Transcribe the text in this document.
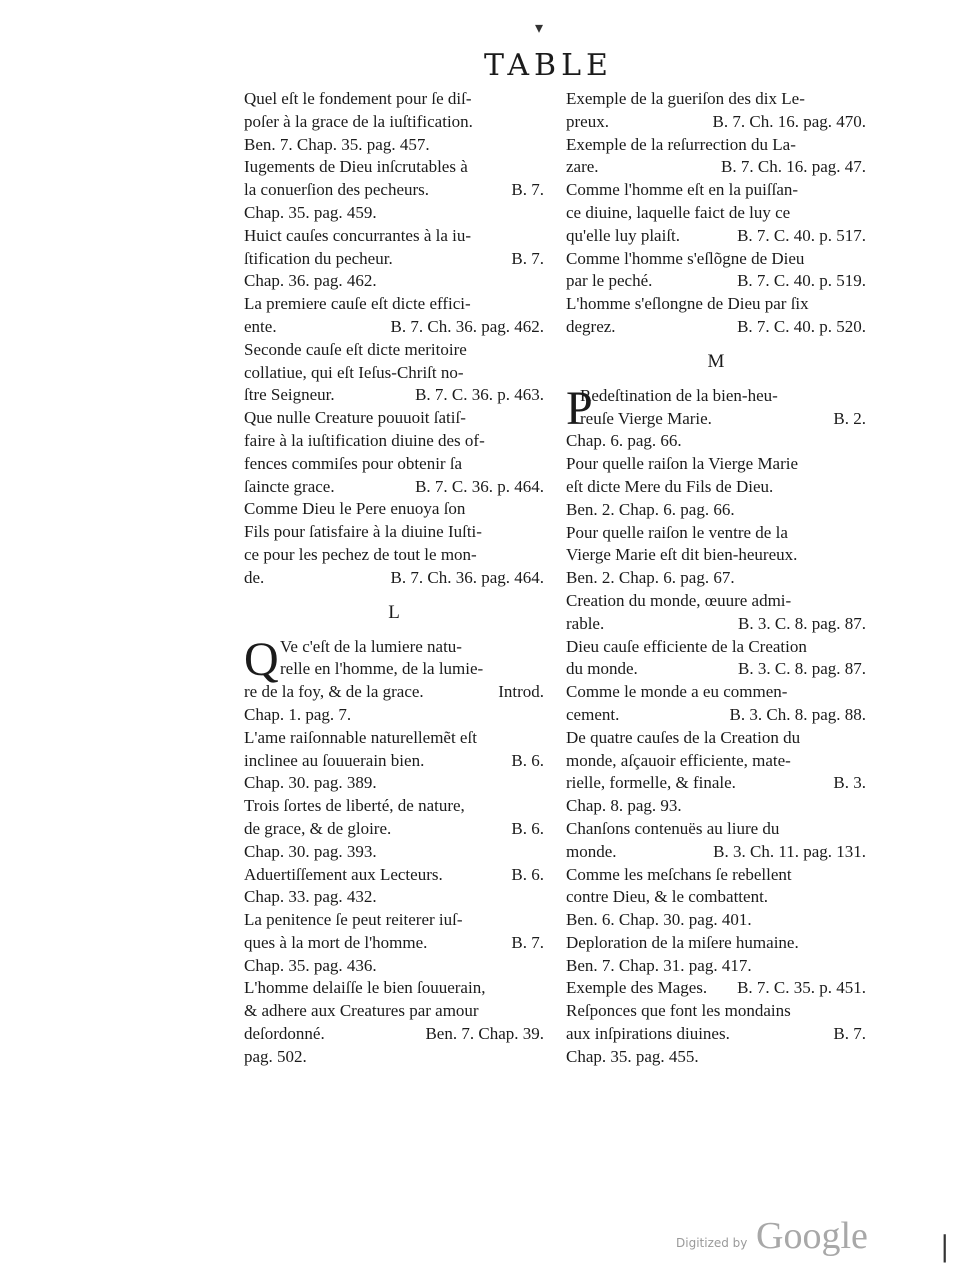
TABLE
▾
Quel eſt le fondement pour ſe diſ-
poſer à la grace de la iuſtification.
Ben. 7. Chap. 35. pag. 457.
Iugements de Dieu inſcrutables à
la conuerſion des pecheurs.	B. 7.
Chap. 35. pag. 459.
Huict cauſes concurrantes à la iu-
ſtification du pecheur.	B. 7.
Chap. 36. pag. 462.
La premiere cauſe eſt dicte effici-
ente.	B. 7. Ch. 36. pag. 462.
Seconde cauſe eſt dicte meritoire
collatiue, qui eſt Ieſus-Chriſt no-
ſtre Seigneur.	B. 7. C. 36. p. 463.
Que nulle Creature pouuoit ſatiſ-
faire à la iuſtification diuine des of-
fences commiſes pour obtenir ſa
ſaincte grace.	B. 7. C. 36. p. 464.
Comme Dieu le Pere enuoya ſon
Fils pour ſatisfaire à la diuine Iuſti-
ce pour les pechez de tout le mon-
de.	B. 7. Ch. 36. pag. 464.
L
Q Ve c'eſt de la lumiere natu-
relle en l'homme, de la lumie-
re de la foy, & de la grace.	Introd.
Chap. 1. pag. 7.
L'ame raiſonnable naturellemẽt eſt
inclinee au ſouuerain bien.	B. 6.
Chap. 30. pag. 389.
Trois ſortes de liberté, de nature,
de grace, & de gloire.	B. 6.
Chap. 30. pag. 393.
Aduertiſſement aux Lecteurs.	B. 6.
Chap. 33. pag. 432.
La penitence ſe peut reiterer iuſ-
ques à la mort de l'homme.	B. 7.
Chap. 35. pag. 436.
L'homme delaiſſe le bien ſouuerain,
& adhere aux Creatures par amour
deſordonné.	Ben. 7. Chap. 39.
pag. 502.
Exemple de la gueriſon des dix Le-
preux.	B. 7. Ch. 16. pag. 470.
Exemple de la reſurrection du La-
zare.	B. 7. Ch. 16. pag. 47.
Comme l'homme eſt en la puiſſan-
ce diuine, laquelle faict de luy ce
qu'elle luy plaiſt.	B. 7. C. 40. p. 517.
Comme l'homme s'eſlõgne de Dieu
par le peché.	B. 7. C. 40. p. 519.
L'homme s'eſlongne de Dieu par ſix
degrez.	B. 7. C. 40. p. 520.
M
P
Redeſtination de la bien-heu-
reuſe Vierge Marie.	B. 2.
Chap. 6. pag. 66.
Pour quelle raiſon la Vierge Marie
eſt dicte Mere du Fils de Dieu.
Ben. 2. Chap. 6. pag. 66.
Pour quelle raiſon le ventre de la
Vierge Marie eſt dit bien-heureux.
Ben. 2. Chap. 6. pag. 67.
Creation du monde, œuure admi-
rable.	B. 3. C. 8. pag. 87.
Dieu cauſe efficiente de la Creation
du monde.	B. 3. C. 8. pag. 87.
Comme le monde a eu commen-
cement.	B. 3. Ch. 8. pag. 88.
De quatre cauſes de la Creation du
monde, aſçauoir efficiente, mate-
rielle, formelle, & finale.	B. 3.
Chap. 8. pag. 93.
Chanſons contenuës au liure du
monde.	B. 3. Ch. 11. pag. 131.
Comme les meſchans ſe rebellent
contre Dieu, & le combattent.
Ben. 6. Chap. 30. pag. 401.
Deploration de la miſere humaine.
Ben. 7. Chap. 31. pag. 417.
Exemple des Mages.	B. 7. C. 35. p. 451.
Reſponces que font les mondains
aux inſpirations diuines.	B. 7.
Chap. 35. pag. 455.
Digitized by Google	|
